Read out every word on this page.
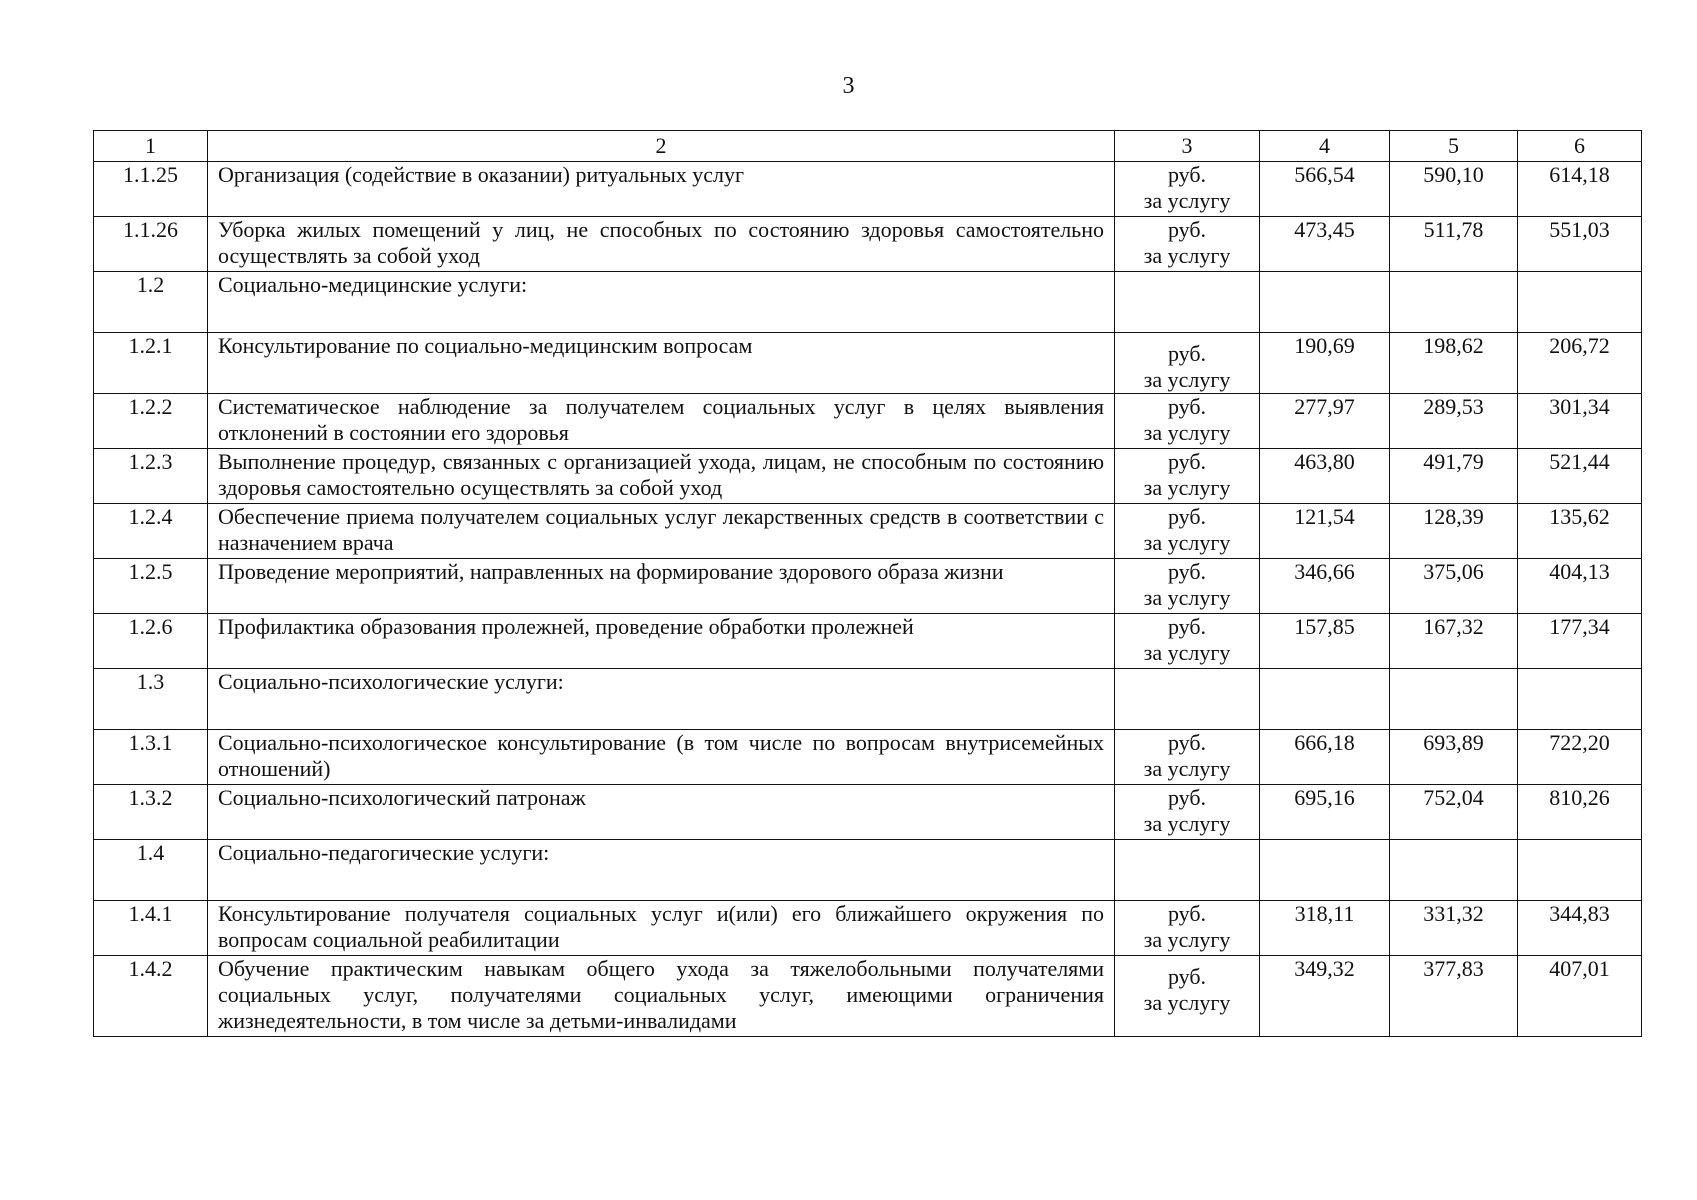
3
1	2	3	4	5	6
1.1.25	Организация (содействие в оказании) ритуальных услуг	руб.
за услугу	566,54	590,10	614,18
1.1.26	Уборка жилых помещений у лиц, не способных по состоянию здоровья самостоятельно осуществлять за собой уход	руб.
за услугу	473,45	511,78	551,03
1.2	Социально-медицинские услуги:				
1.2.1	Консультирование по социально-медицинским вопросам	руб.
за услугу	190,69	198,62	206,72
1.2.2	Систематическое наблюдение за получателем социальных услуг в целях выявления отклонений в состоянии его здоровья	руб.
за услугу	277,97	289,53	301,34
1.2.3	Выполнение процедур, связанных с организацией ухода, лицам, не способным по состоянию здоровья самостоятельно осуществлять за собой уход	руб.
за услугу	463,80	491,79	521,44
1.2.4	Обеспечение приема получателем социальных услуг лекарственных средств в соответствии с назначением врача	руб.
за услугу	121,54	128,39	135,62
1.2.5	Проведение мероприятий, направленных на формирование здорового образа жизни	руб.
за услугу	346,66	375,06	404,13
1.2.6	Профилактика образования пролежней, проведение обработки пролежней	руб.
за услугу	157,85	167,32	177,34
1.3	Социально-психологические услуги:				
1.3.1	Социально-психологическое консультирование (в том числе по вопросам внутрисемейных отношений)	руб.
за услугу	666,18	693,89	722,20
1.3.2	Социально-психологический патронаж	руб.
за услугу	695,16	752,04	810,26
1.4	Социально-педагогические услуги:				
1.4.1	Консультирование получателя социальных услуг и(или) его ближайшего окружения по вопросам социальной реабилитации	руб.
за услугу	318,11	331,32	344,83
1.4.2	Обучение практическим навыкам общего ухода за тяжелобольными получателями социальных услуг, получателями социальных услуг, имеющими ограничения жизнедеятельности, в том числе за детьми-инвалидами	руб.
за услугу	349,32	377,83	407,01
